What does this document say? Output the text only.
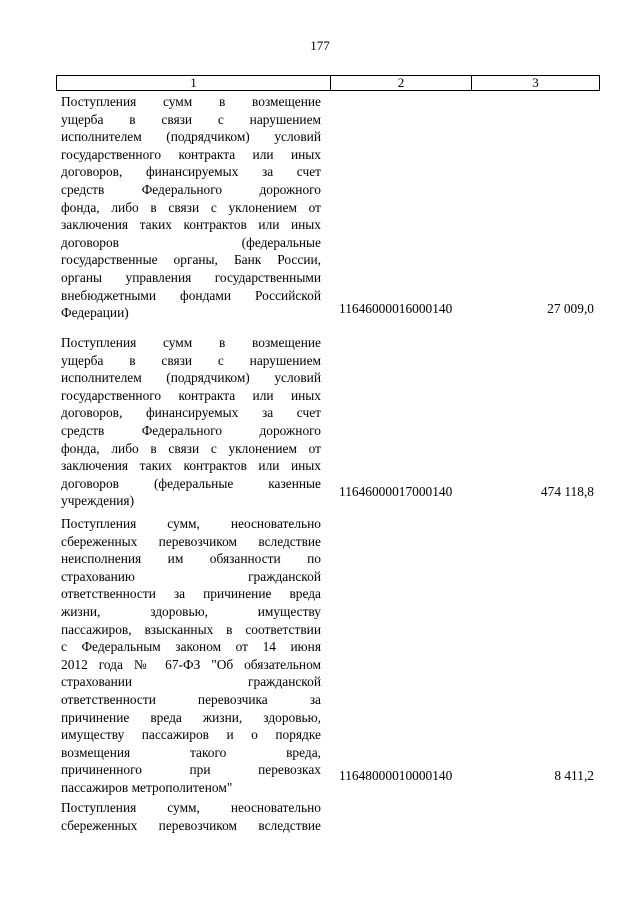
177
1	2	3
Поступления сумм в возмещение
ущерба в связи с нарушением
исполнителем (подрядчиком) условий
государственного контракта или иных
договоров, финансируемых за счет
средств Федерального дорожного
фонда, либо в связи с уклонением от
заключения таких контрактов или иных
договоров (федеральные
государственные органы, Банк России,
органы управления государственными
внебюджетными фондами Российской
Федерации)	11646000016000140	27 009,0
Поступления сумм в возмещение
ущерба в связи с нарушением
исполнителем (подрядчиком) условий
государственного контракта или иных
договоров, финансируемых за счет
средств Федерального дорожного
фонда, либо в связи с уклонением от
заключения таких контрактов или иных
договоров (федеральные казенные
учреждения)
11646000017000140	474 118,8
Поступления сумм, неосновательно
сбереженных перевозчиком вследствие
неисполнения им обязанности по
страхованию гражданской
ответственности за причинение вреда
жизни, здоровью, имуществу
пассажиров, взысканных в соответствии
с Федеральным законом от 14 июня
2012 года № 67-ФЗ "Об обязательном
страховании гражданской
ответственности перевозчика за
причинение вреда жизни, здоровью,
имуществу пассажиров и о порядке
возмещения такого вреда,
причиненного при перевозках
пассажиров метрополитеном"
11648000010000140	8 411,2
Поступления сумм, неосновательно
сбереженных перевозчиком вследствие
